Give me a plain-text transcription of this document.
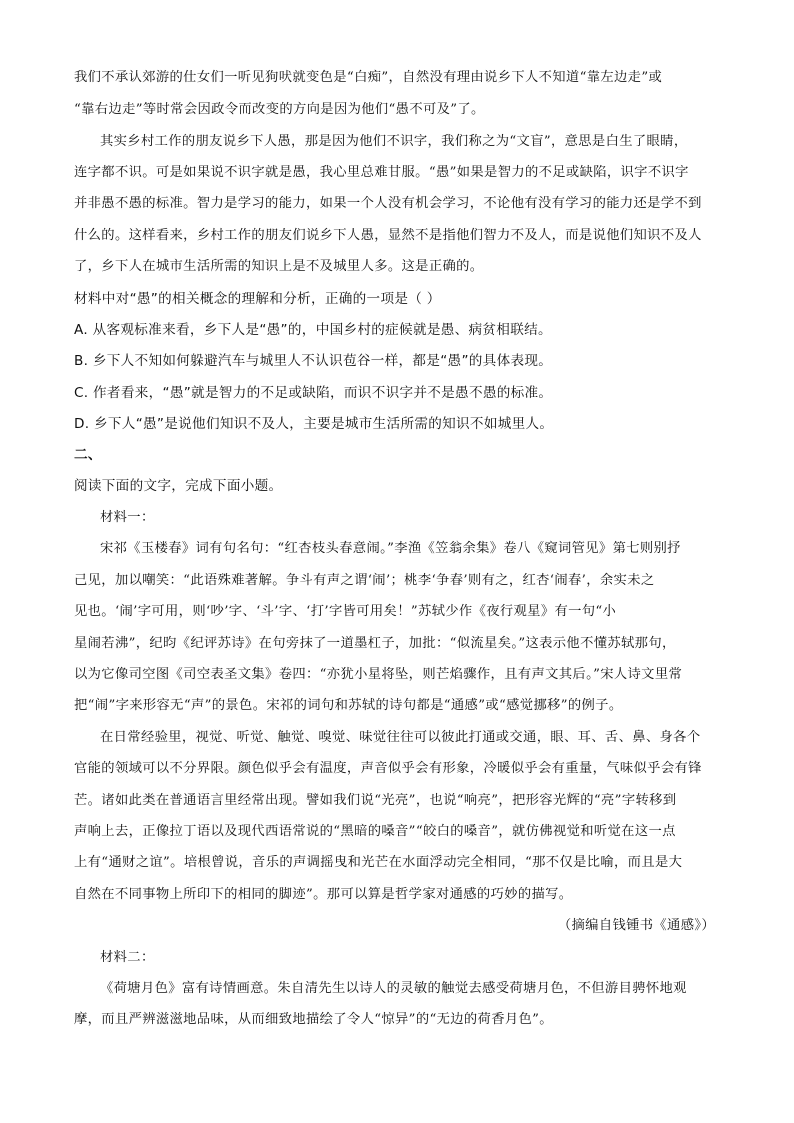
我们不承认郊游的仕女们一听见狗吠就变色是“白痴”，自然没有理由说乡下人不知道“靠左边走”或
“靠右边走”等时常会因政令而改变的方向是因为他们“愚不可及”了。
其实乡村工作的朋友说乡下人愚，那是因为他们不识字，我们称之为“文盲”，意思是白生了眼睛，
连字都不识。可是如果说不识字就是愚，我心里总难甘服。“愚”如果是智力的不足或缺陷，识字不识字
并非愚不愚的标准。智力是学习的能力，如果一个人没有机会学习，不论他有没有学习的能力还是学不到
什么的。这样看来，乡村工作的朋友们说乡下人愚，显然不是指他们智力不及人，而是说他们知识不及人
了，乡下人在城市生活所需的知识上是不及城里人多。这是正确的。
材料中对“愚”的相关概念的理解和分析，正确的一项是（ ）
A. 从客观标准来看，乡下人是“愚”的，中国乡村的症候就是愚、病贫相联结。
B. 乡下人不知如何躲避汽车与城里人不认识苞谷一样，都是“愚”的具体表现。
C. 作者看来，“愚”就是智力的不足或缺陷，而识不识字并不是愚不愚的标准。
D. 乡下人“愚”是说他们知识不及人，主要是城市生活所需的知识不如城里人。
二、
阅读下面的文字，完成下面小题。
材料一：
宋祁《玉楼春》词有句名句：“红杏枝头春意闹。”李渔《笠翁余集》卷八《窥词管见》第七则别抒
己见，加以嘲笑：“此语殊难著解。争斗有声之谓‘闹’；桃李‘争春’则有之，红杏‘闹春’，余实未之
见也。‘闹’字可用，则‘吵’字、‘斗’字、‘打’字皆可用矣！”苏轼少作《夜行观星》有一句“小
星闹若沸”，纪昀《纪评苏诗》在句旁抹了一道墨杠子，加批：“似流星矣。”这表示他不懂苏轼那句，
以为它像司空图《司空表圣文集》卷四：“亦犹小星将坠，则芒焰骤作，且有声文其后。”宋人诗文里常
把“闹”字来形容无“声”的景色。宋祁的词句和苏轼的诗句都是“通感”或“感觉挪移”的例子。
在日常经验里，视觉、听觉、触觉、嗅觉、味觉往往可以彼此打通或交通，眼、耳、舌、鼻、身各个
官能的领域可以不分界限。颜色似乎会有温度，声音似乎会有形象，冷暖似乎会有重量，气味似乎会有锋
芒。诸如此类在普通语言里经常出现。譬如我们说“光亮”，也说“响亮”，把形容光辉的“亮”字转移到
声响上去，正像拉丁语以及现代西语常说的“黑暗的嗓音”“皎白的嗓音”，就仿佛视觉和听觉在这一点
上有“通财之谊”。培根曾说，音乐的声调摇曳和光芒在水面浮动完全相同，“那不仅是比喻，而且是大
自然在不同事物上所印下的相同的脚迹”。那可以算是哲学家对通感的巧妙的描写。
（摘编自钱锺书《通感》）
材料二：
《荷塘月色》富有诗情画意。朱自清先生以诗人的灵敏的触觉去感受荷塘月色，不但游目骋怀地观
摩，而且严辨滋滋地品味，从而细致地描绘了令人“惊异”的“无边的荷香月色”。
